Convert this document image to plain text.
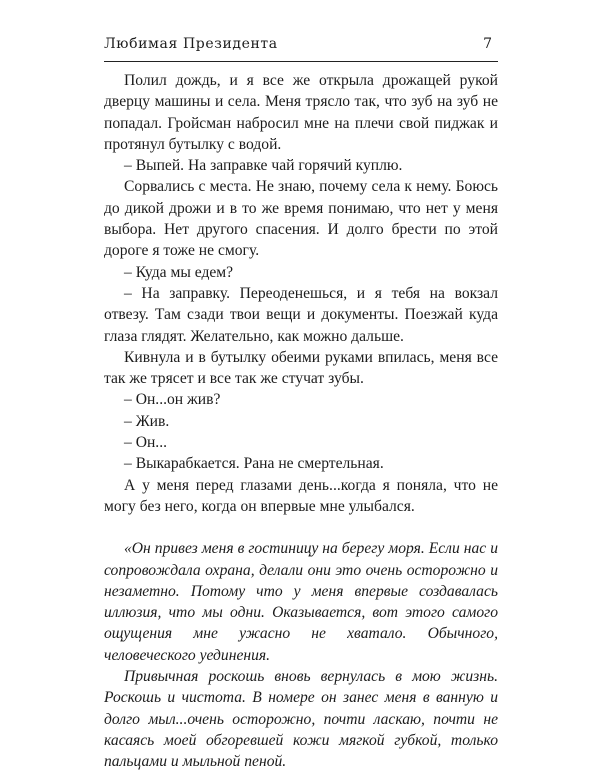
Любимая Президента	7

Полил дождь, и я все же открыла дрожащей рукой дверцу машины и села. Меня трясло так, что зуб на зуб не попадал. Гройсман набросил мне на плечи свой пиджак и протянул бутылку с водой.

– Выпей. На заправке чай горячий куплю.

Сорвались с места. Не знаю, почему села к нему. Боюсь до дикой дрожи и в то же время понимаю, что нет у меня выбора. Нет другого спасения. И долго брести по этой дороге я тоже не смогу.

– Куда мы едем?

– На заправку. Переоденешься, и я тебя на вокзал отвезу. Там сзади твои вещи и документы. Поезжай куда глаза глядят. Желательно, как можно дальше.

Кивнула и в бутылку обеими руками впилась, меня все так же трясет и все так же стучат зубы.

– Он...он жив?

– Жив.

– Он...

– Выкарабкается. Рана не смертельная.

А у меня перед глазами день...когда я поняла, что не могу без него, когда он впервые мне улыбался.

«Он привез меня в гостиницу на берегу моря. Если нас и сопровождала охрана, делали они это очень осторожно и незаметно. Потому что у меня впервые создавалась иллюзия, что мы одни. Оказывается, вот этого самого ощущения мне ужасно не хватало. Обычного, человеческого уединения.

Привычная роскошь вновь вернулась в мою жизнь. Роскошь и чистота. В номере он занес меня в ванную и долго мыл...очень осторожно, почти ласкаю, почти не касаясь моей обгоревшей кожи мягкой губкой, только пальцами и мыльной пеной.
